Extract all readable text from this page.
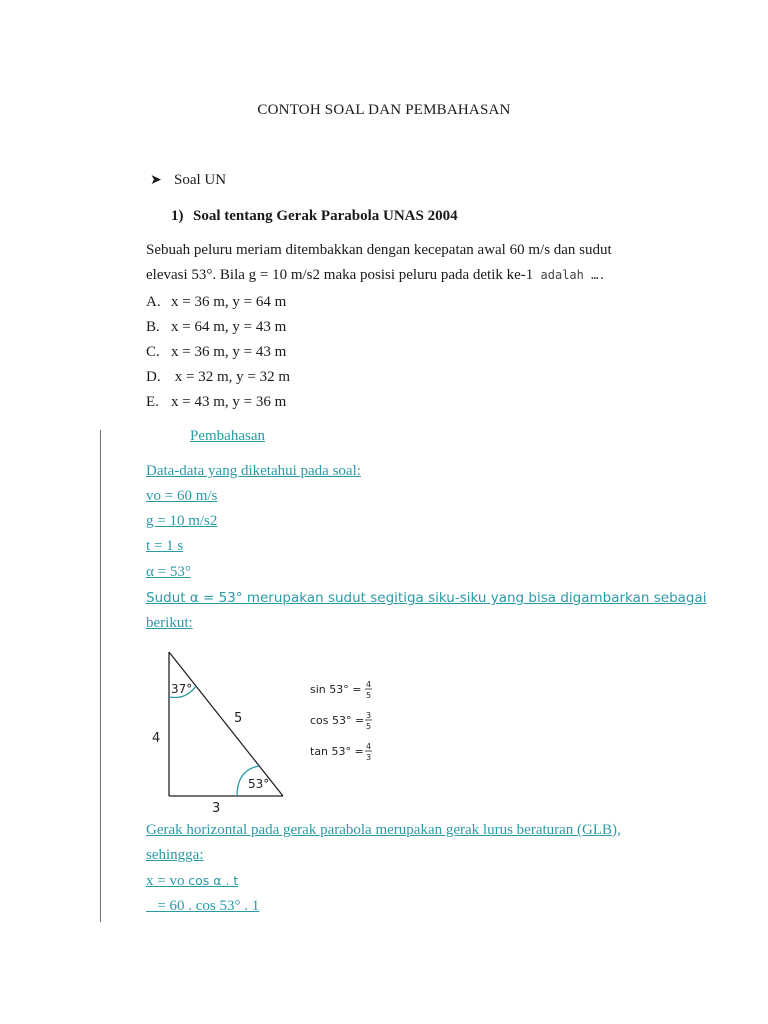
CONTOH SOAL DAN PEMBAHASAN
➤ Soal UN
1) Soal tentang Gerak Parabola UNAS 2004
Sebuah peluru meriam ditembakkan dengan kecepatan awal 60 m/s dan sudut
elevasi 53°. Bila g = 10 m/s2 maka posisi peluru pada detik ke-1 adalah ….
A. x = 36 m, y = 64 m
B. x = 64 m, y = 43 m
C. x = 36 m, y = 43 m
D. x = 32 m, y = 32 m
E. x = 43 m, y = 36 m
Pembahasan
Data-data yang diketahui pada soal:
vo = 60 m/s
g = 10 m/s2
t = 1 s
α = 53°
Sudut α = 53° merupakan sudut segitiga siku-siku yang bisa digambarkan sebagai
berikut:
37°
53°
4
5
3
sin 53° = 4
5
cos 53° = 3
5
tan 53° = 4
3
Gerak horizontal pada gerak parabola merupakan gerak lurus beraturan (GLB),
sehingga:
x = vo cos α . t
= 60 . cos 53° . 1
